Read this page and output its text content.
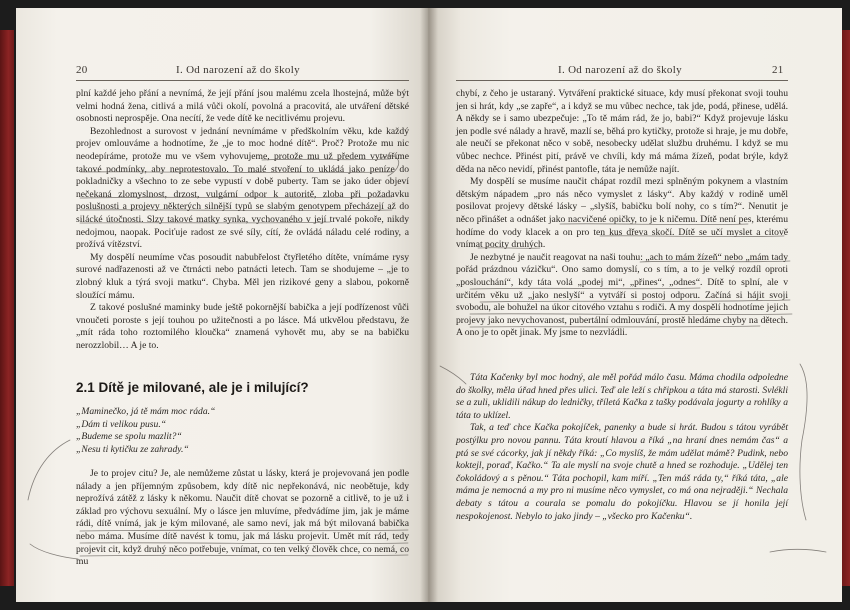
20	I. Od narození až do školy

plní každé jeho přání a nevnímá, že její přání jsou malému zcela lhostejná, může být velmi hodná žena, citlivá a milá vůči okolí, povolná a pracovitá, ale utváření dětské osobnosti neprospěje. Ona necítí, že vede dítě ke necitlivému projevu.

Bezohlednost a surovost v jednání nevnímáme v předškolním věku, kde každý projev omlouváme a hodnotíme, že „je to moc hodné dítě“. Proč? Protože mu nic neodepíráme, protože mu ve všem vyhovujeme, protože mu už předem vytváříme takové podmínky, aby neprotestovalo. To malé stvoření to ukládá jako peníze do pokladničky a všechno to ze sebe vypustí v době puberty. Tam se jako úder objeví nečekaná zlomyslnost, drzost, vulgární odpor k autoritě, zloba při požadavku poslušnosti a projevy některých silnější typů se slabým genotypem přecházejí až do silácké útočnosti. Slzy takové matky synka, vychovaného v její trvalé pokoře, nikdy nedojmou, naopak. Pociťuje radost ze své síly, cítí, že ovládá náladu celé rodiny, a prožívá vítězství.

My dospělí neumíme včas posoudit nabubřelost čtyřletého dítěte, vnímáme rysy surové nadřazenosti až ve čtrnácti nebo patnácti letech. Tam se shodujeme – „je to zlobný kluk a týrá svoji matku“. Chyba. Měl jen rizikové geny a slabou, pokorně sloužící mámu.

Z takové poslušné maminky bude ještě pokornější babička a její podřízenost vůči vnoučeti poroste s její touhou po užitečnosti a po lásce. Má utkvělou představu, že „mít ráda toho roztomilého kloučka“ znamená vyhovět mu, aby se na babičku nerozzlobil… A je to.

2.1 Dítě je milované, ale je i milující?
„Maminečko, já tě mám moc ráda.“
„Dám ti velikou pusu.“
„Budeme se spolu mazlit?“
„Nesu ti kytičku ze zahrady.“

Je to projev citu? Je, ale nemůžeme zůstat u lásky, která je projevovaná jen podle nálady a jen příjemným způsobem, kdy dítě nic nepřekonává, nic neobětuje, kdy neprožívá zátěž z lásky k někomu. Naučit dítě chovat se pozorně a citlivě, to je už i základ pro výchovu sexuální. My o lásce jen mluvíme, předvádíme jim, jak je máme rádi, dítě vnímá, jak je kým milované, ale samo neví, jak má být milovaná babička nebo máma. Musíme dítě navést k tomu, jak má lásku projevit. Umět mít rád, tedy projevit cit, když druhý něco potřebuje, vnímat, co ten velký člověk chce, co nemá, co mu

I. Od narození až do školy	21

chybí, z čeho je ustaraný. Vytváření praktické situace, kdy musí překonat svoji touhu jen si hrát, kdy „se zapře“, a i když se mu vůbec nechce, tak jde, podá, přinese, udělá. A někdy se i samo ubezpečuje: „To tě mám rád, že jo, babi?“ Když projevuje lásku jen podle své nálady a hravě, mazlí se, běhá pro kytičky, protože si hraje, je mu dobře, ale neučí se překonat něco v sobě, nesobecky udělat službu druhému. I když se mu vůbec nechce. Přinést pití, právě ve chvíli, kdy má máma žízeň, podat brýle, když děda na něco nevidí, přinést pantofle, táta je nemůže najít.

My dospělí se musíme naučit chápat rozdíl mezi splněným pokynem a vlastním dětským nápadem „pro nás něco vymyslet z lásky“. Aby každý v rodině uměl posilovat projevy dětské lásky – „slyšíš, babičku bolí nohy, co s tím?“. Nenutit je něco přinášet a odnášet jako nacvičené opičky, to je k ničemu. Dítě není pes, kterému hodíme do vody klacek a on pro ten kus dřeva skočí. Dítě se učí myslet a citově vnímat pocity druhých.

Je nezbytné je naučit reagovat na naši touhu: „ach to mám žízeň“ nebo „mám tady pořád prázdnou vázičku“. Ono samo domyslí, co s tím, a to je velký rozdíl oproti „poslouchání“, kdy táta volá „podej mi“, „přines“, „odnes“. Dítě to splní, ale v určitém věku už „jako neslyší“ a vytváří si postoj odporu. Začíná si hájit svoji svobodu, ale bohužel na úkor citového vztahu s rodiči. A my dospělí hodnotíme jejich projevy jako nevychovanost, pubertální odmlouvání, prostě hledáme chyby na dětech. A ono je to opět jinak. My jsme to nezvládli.

Táta Kačenky byl moc hodný, ale měl pořád málo času. Máma chodila odpoledne do školky, měla úřad hned přes ulici. Teď ale leží s chřipkou a táta má starosti. Svlékli se a zuli, uklidili nákup do ledničky, tříletá Kačka z tašky podávala jogurty a rohlíky a táta to uklízel.

Tak, a teď chce Kačka pokojíček, panenky a bude si hrát. Budou s tátou vyrábět postýlku pro novou pannu. Táta kroutí hlavou a říká „na hraní dnes nemám čas“ a ptá se své cácorky, jak jí někdy říká: „Co myslíš, že mám udělat mámě? Pudink, nebo koktejl, poraď, Kačko.“ Ta ale myslí na svoje chutě a hned se rozhoduje. „Udělej ten čokoládový a s pěnou.“ Táta pochopil, kam míří. „Ten máš ráda ty,“ říká táta, „ale máma je nemocná a my pro ni musíme něco vymyslet, co má ona nejraději.“ Nechala debaty s tátou a courala se pomalu do pokojíčku. Hlavou se jí honila její nespokojenost. Nebylo to jako jindy – „všecko pro Kačenku“.
